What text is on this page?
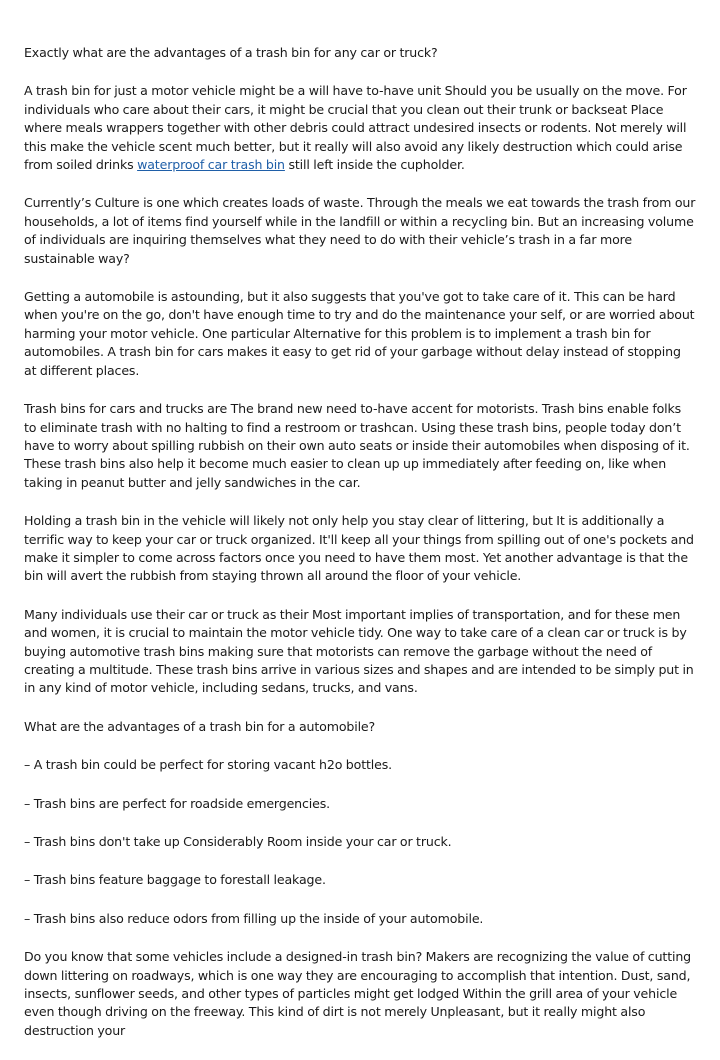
Exactly what are the advantages of a trash bin for any car or truck?

A trash bin for just a motor vehicle might be a will have to-have unit Should you be usually on the move. For individuals who care about their cars, it might be crucial that you clean out their trunk or backseat Place where meals wrappers together with other debris could attract undesired insects or rodents. Not merely will this make the vehicle scent much better, but it really will also avoid any likely destruction which could arise from soiled drinks waterproof car trash bin still left inside the cupholder.

Currently’s Culture is one which creates loads of waste. Through the meals we eat towards the trash from our households, a lot of items find yourself while in the landfill or within a recycling bin. But an increasing volume of individuals are inquiring themselves what they need to do with their vehicle’s trash in a far more sustainable way?

Getting a automobile is astounding, but it also suggests that you've got to take care of it. This can be hard when you're on the go, don't have enough time to try and do the maintenance your self, or are worried about harming your motor vehicle. One particular Alternative for this problem is to implement a trash bin for automobiles. A trash bin for cars makes it easy to get rid of your garbage without delay instead of stopping at different places.

Trash bins for cars and trucks are The brand new need to-have accent for motorists. Trash bins enable folks to eliminate trash with no halting to find a restroom or trashcan. Using these trash bins, people today don’t have to worry about spilling rubbish on their own auto seats or inside their automobiles when disposing of it. These trash bins also help it become much easier to clean up up immediately after feeding on, like when taking in peanut butter and jelly sandwiches in the car.

Holding a trash bin in the vehicle will likely not only help you stay clear of littering, but It is additionally a terrific way to keep your car or truck organized. It'll keep all your things from spilling out of one's pockets and make it simpler to come across factors once you need to have them most. Yet another advantage is that the bin will avert the rubbish from staying thrown all around the floor of your vehicle.

Many individuals use their car or truck as their Most important implies of transportation, and for these men and women, it is crucial to maintain the motor vehicle tidy. One way to take care of a clean car or truck is by buying automotive trash bins making sure that motorists can remove the garbage without the need of creating a multitude. These trash bins arrive in various sizes and shapes and are intended to be simply put in in any kind of motor vehicle, including sedans, trucks, and vans.

What are the advantages of a trash bin for a automobile?

– A trash bin could be perfect for storing vacant h2o bottles.

– Trash bins are perfect for roadside emergencies.

– Trash bins don't take up Considerably Room inside your car or truck.

– Trash bins feature baggage to forestall leakage.

– Trash bins also reduce odors from filling up the inside of your automobile.

Do you know that some vehicles include a designed-in trash bin? Makers are recognizing the value of cutting down littering on roadways, which is one way they are encouraging to accomplish that intention. Dust, sand, insects, sunflower seeds, and other types of particles might get lodged Within the grill area of your vehicle even though driving on the freeway. This kind of dirt is not merely Unpleasant, but it really might also destruction your
